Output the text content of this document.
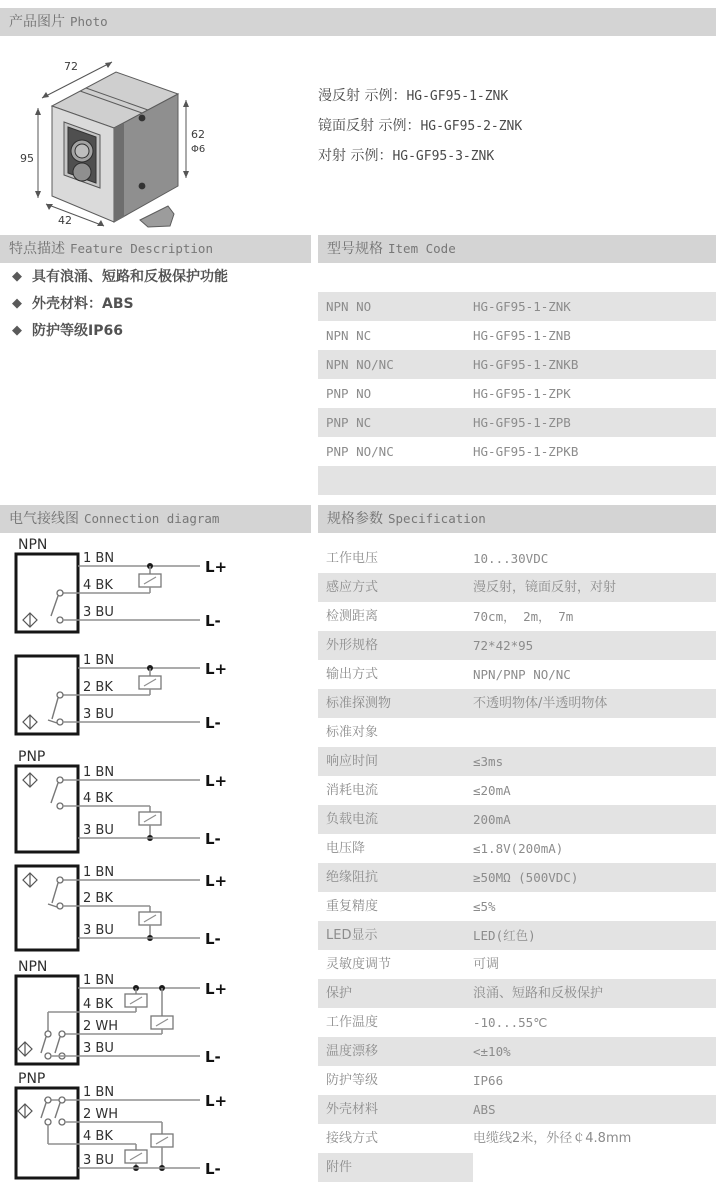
产品图片 Photo
72
95
42
62
Φ6
漫反射 示例：HG-GF95-1-ZNK
镜面反射 示例：HG-GF95-2-ZNK
对射 示例：HG-GF95-3-ZNK
特点描述 Feature Description	型号规格 Item Code
◆ 具有浪涌、短路和反极保护功能
◆ 外壳材料：ABS
◆ 防护等级IP66
NPN NO	HG-GF95-1-ZNK
NPN NC	HG-GF95-1-ZNB
NPN NO/NC	HG-GF95-1-ZNKB
PNP NO	HG-GF95-1-ZPK
PNP NC	HG-GF95-1-ZPB
PNP NO/NC	HG-GF95-1-ZPKB
电气接线图 Connection diagram	规格参数 Specification
NPN
1 BN
4 BK
3 BU
L+
L-
1 BN
2 BK
3 BU
L+
L-
PNP
1 BN
4 BK
3 BU
L+
L-
1 BN
2 BK
3 BU
L+
L-
NPN
1 BN
4 BK
2 WH
3 BU
L+
L-
PNP
1 BN
2 WH
4 BK
3 BU
L+
L-
工作电压	10...30VDC
感应方式	漫反射，镜面反射，对射
检测距离	70cm， 2m， 7m
外形规格	72*42*95
输出方式	NPN/PNP NO/NC
标准探测物	不透明物体/半透明物体
标准对象
响应时间	≤3ms
消耗电流	≤20mA
负载电流	200mA
电压降	≤1.8V(200mA)
绝缘阻抗	≥50MΩ (500VDC)
重复精度	≤5%
LED显示	LED(红色)
灵敏度调节	可调
保护	浪涌、短路和反极保护
工作温度	-10...55℃
温度漂移	<±10%
防护等级	IP66
外壳材料	ABS
接线方式	电缆线2米，外径￠4.8mm
附件
